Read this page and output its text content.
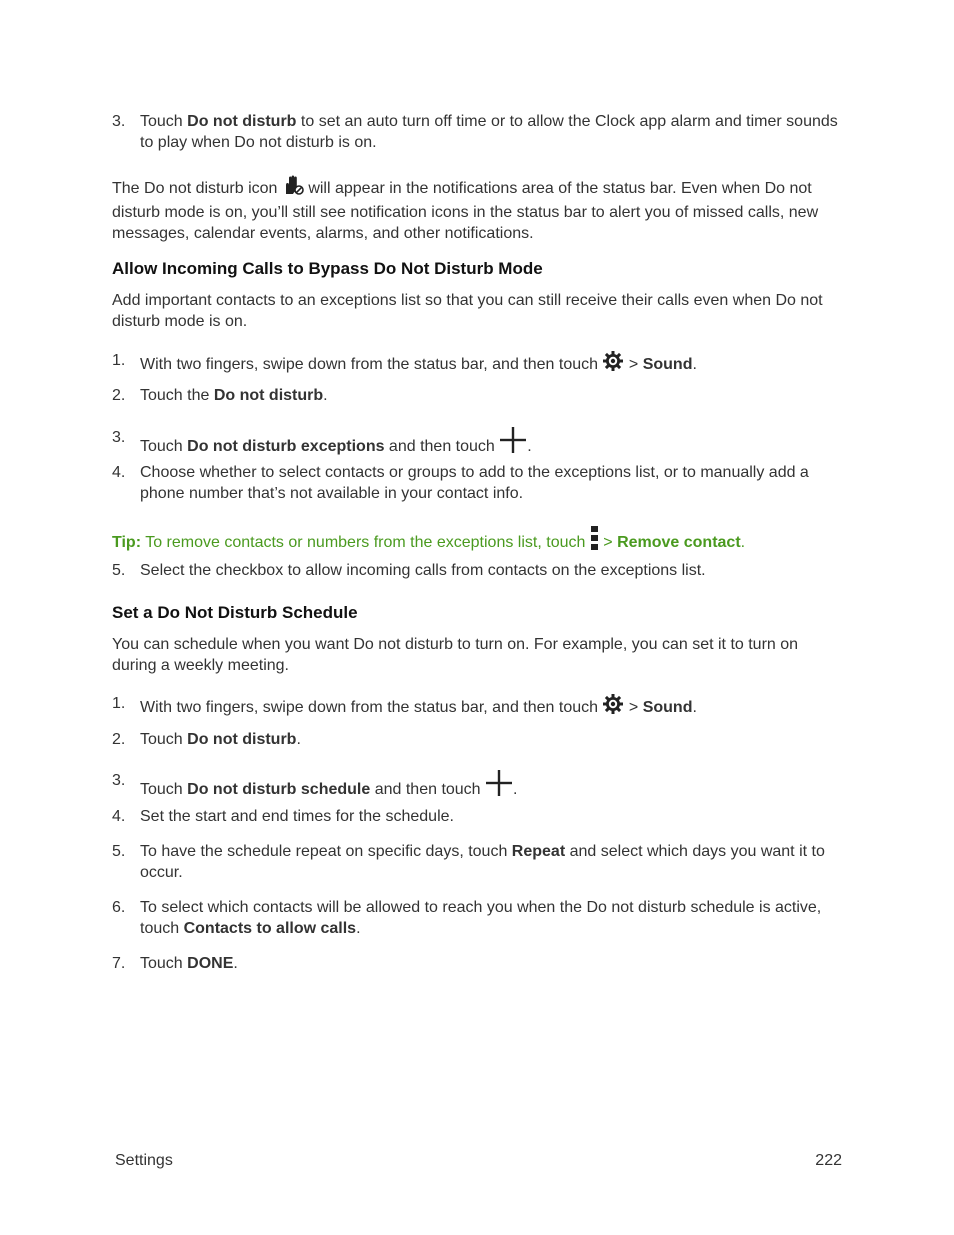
3. Touch Do not disturb to set an auto turn off time or to allow the Clock app alarm and timer sounds to play when Do not disturb is on.
The Do not disturb icon  will appear in the notifications area of the status bar. Even when Do not disturb mode is on, you’ll still see notification icons in the status bar to alert you of missed calls, new messages, calendar events, alarms, and other notifications.
Allow Incoming Calls to Bypass Do Not Disturb Mode
Add important contacts to an exceptions list so that you can still receive their calls even when Do not disturb mode is on.
1. With two fingers, swipe down from the status bar, and then touch  > Sound.
2. Touch the Do not disturb.
3.
Touch Do not disturb exceptions and then touch .
4. Choose whether to select contacts or groups to add to the exceptions list, or to manually add a phone number that’s not available in your contact info.
Tip: To remove contacts or numbers from the exceptions list, touch  > Remove contact.
5. Select the checkbox to allow incoming calls from contacts on the exceptions list.
Set a Do Not Disturb Schedule
You can schedule when you want Do not disturb to turn on. For example, you can set it to turn on during a weekly meeting.
1. With two fingers, swipe down from the status bar, and then touch  > Sound.
2. Touch Do not disturb.
3.
Touch Do not disturb schedule and then touch .
4. Set the start and end times for the schedule.
5. To have the schedule repeat on specific days, touch Repeat and select which days you want it to occur.
6. To select which contacts will be allowed to reach you when the Do not disturb schedule is active, touch Contacts to allow calls.
7. Touch DONE.
Settings	222
